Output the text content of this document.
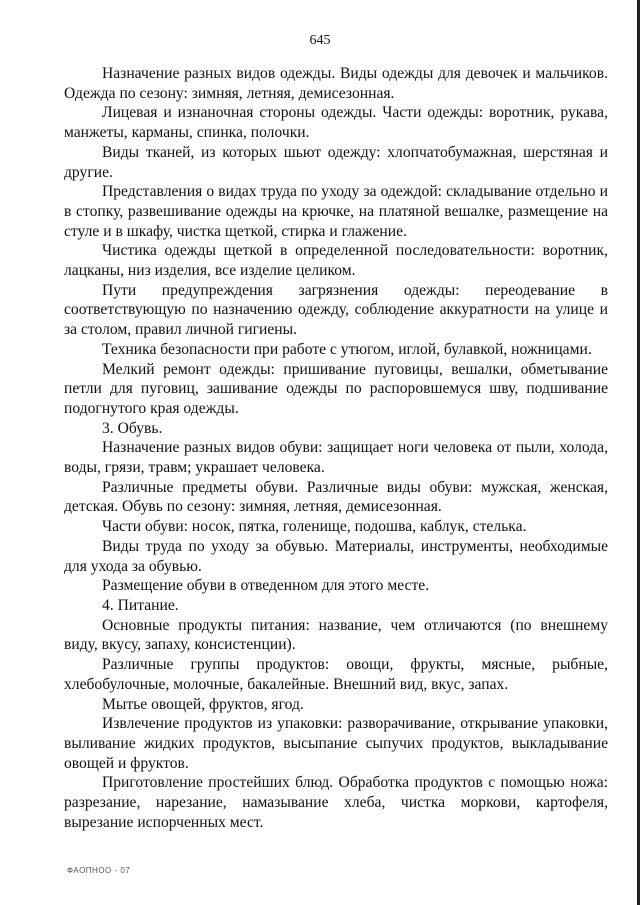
645

Назначение разных видов одежды. Виды одежды для девочек и мальчиков. Одежда по сезону: зимняя, летняя, демисезонная.

Лицевая и изнаночная стороны одежды. Части одежды: воротник, рукава, манжеты, карманы, спинка, полочки.

Виды тканей, из которых шьют одежду: хлопчатобумажная, шерстяная и другие.

Представления о видах труда по уходу за одеждой: складывание отдельно и в стопку, развешивание одежды на крючке, на платяной вешалке, размещение на стуле и в шкафу, чистка щеткой, стирка и глажение.

Чистика одежды щеткой в определенной последовательности: воротник, лацканы, низ изделия, все изделие целиком.

Пути предупреждения загрязнения одежды: переодевание в соответствующую по назначению одежду, соблюдение аккуратности на улице и за столом, правил личной гигиены.

Техника безопасности при работе с утюгом, иглой, булавкой, ножницами.

Мелкий ремонт одежды: пришивание пуговицы, вешалки, обметывание петли для пуговиц, зашивание одежды по распоровшемуся шву, подшивание подогнутого края одежды.

3. Обувь.

Назначение разных видов обуви: защищает ноги человека от пыли, холода, воды, грязи, травм; украшает человека.

Различные предметы обуви. Различные виды обуви: мужская, женская, детская. Обувь по сезону: зимняя, летняя, демисезонная.

Части обуви: носок, пятка, голенище, подошва, каблук, стелька.

Виды труда по уходу за обувью. Материалы, инструменты, необходимые для ухода за обувью.

Размещение обуви в отведенном для этого месте.

4. Питание.

Основные продукты питания: название, чем отличаются (по внешнему виду, вкусу, запаху, консистенции).

Различные группы продуктов: овощи, фрукты, мясные, рыбные, хлебобулочные, молочные, бакалейные. Внешний вид, вкус, запах.

Мытье овощей, фруктов, ягод.

Извлечение продуктов из упаковки: разворачивание, открывание упаковки, выливание жидких продуктов, высыпание сыпучих продуктов, выкладывание овощей и фруктов.

Приготовление простейших блюд. Обработка продуктов с помощью ножа: разрезание, нарезание, намазывание хлеба, чистка моркови, картофеля, вырезание испорченных мест.

ФАОПНОО - 07
